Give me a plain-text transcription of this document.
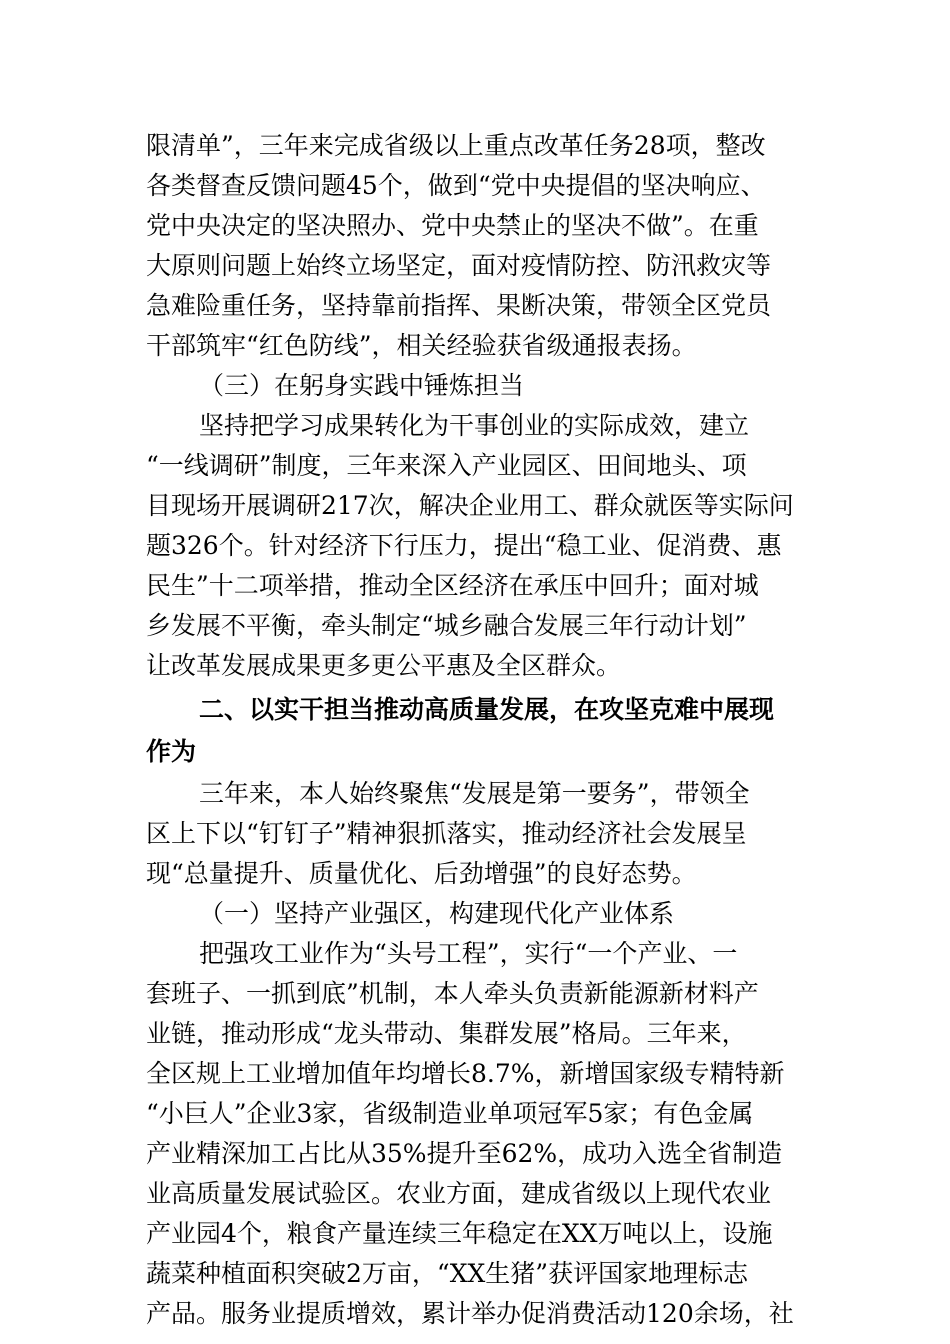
限清单”，三年来完成省级以上重点改革任务28项，整改
各类督查反馈问题45个，做到“党中央提倡的坚决响应、
党中央决定的坚决照办、党中央禁止的坚决不做”。在重
大原则问题上始终立场坚定，面对疫情防控、防汛救灾等
急难险重任务，坚持靠前指挥、果断决策，带领全区党员
干部筑牢“红色防线”，相关经验获省级通报表扬。
（三）在躬身实践中锤炼担当
坚持把学习成果转化为干事创业的实际成效，建立
“一线调研”制度，三年来深入产业园区、田间地头、项
目现场开展调研217次，解决企业用工、群众就医等实际问
题326个。针对经济下行压力，提出“稳工业、促消费、惠
民生”十二项举措，推动全区经济在承压中回升；面对城
乡发展不平衡，牵头制定“城乡融合发展三年行动计划”
让改革发展成果更多更公平惠及全区群众。
二、以实干担当推动高质量发展，在攻坚克难中展现
作为
三年来，本人始终聚焦“发展是第一要务”，带领全
区上下以“钉钉子”精神狠抓落实，推动经济社会发展呈
现“总量提升、质量优化、后劲增强”的良好态势。
（一）坚持产业强区，构建现代化产业体系
把强攻工业作为“头号工程”，实行“一个产业、一
套班子、一抓到底”机制，本人牵头负责新能源新材料产
业链，推动形成“龙头带动、集群发展”格局。三年来，
全区规上工业增加值年均增长8.7%，新增国家级专精特新
“小巨人”企业3家，省级制造业单项冠军5家；有色金属
产业精深加工占比从35%提升至62%，成功入选全省制造
业高质量发展试验区。农业方面，建成省级以上现代农业
产业园4个，粮食产量连续三年稳定在XX万吨以上，设施
蔬菜种植面积突破2万亩，“XX生猪”获评国家地理标志
产品。服务业提质增效，累计举办促消费活动120余场，社
